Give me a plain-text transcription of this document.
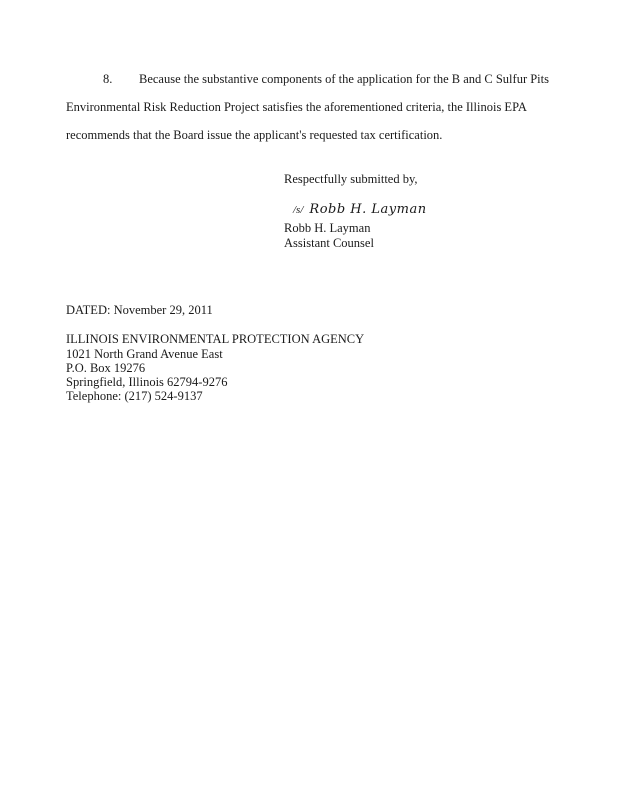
8. Because the substantive components of the application for the B and C Sulfur Pits
Environmental Risk Reduction Project satisfies the aforementioned criteria, the Illinois EPA
recommends that the Board issue the applicant's requested tax certification.
Respectfully submitted by,
/s/ Robb H. Layman
Robb H. Layman
Assistant Counsel
DATED: November 29, 2011
ILLINOIS ENVIRONMENTAL PROTECTION AGENCY
1021 North Grand Avenue East
P.O. Box 19276
Springfield, Illinois 62794-9276
Telephone: (217) 524-9137
